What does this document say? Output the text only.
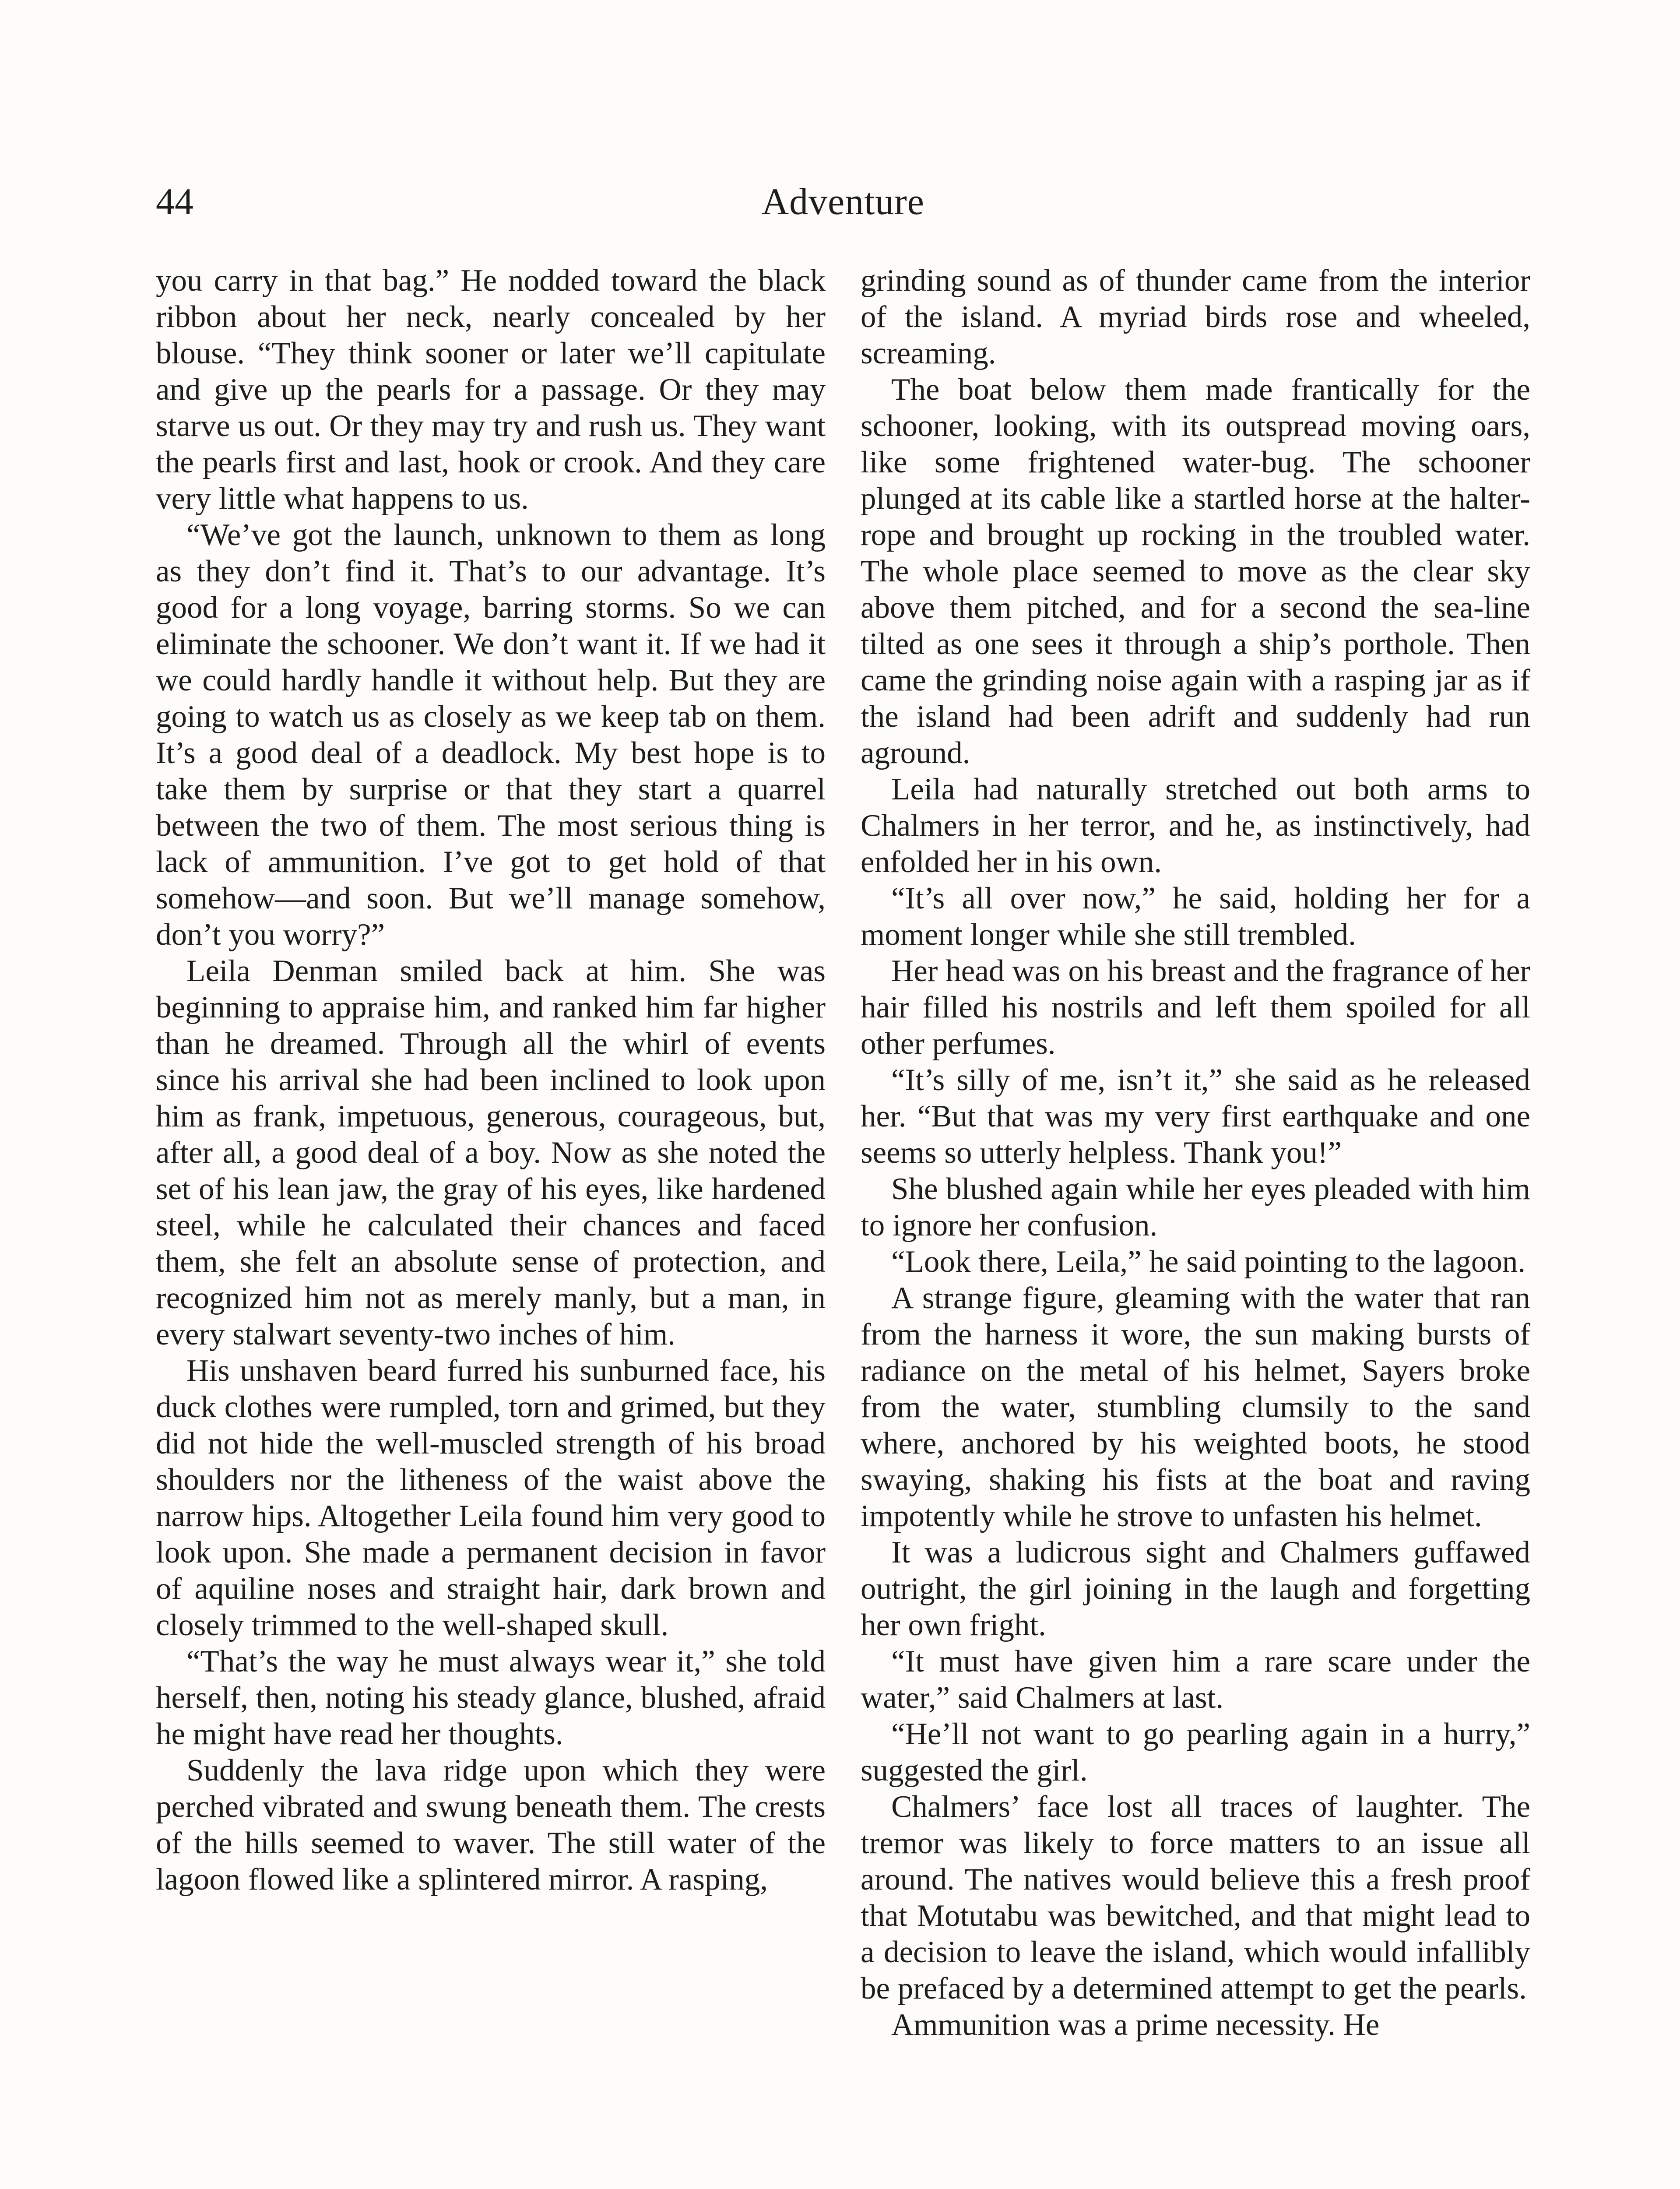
44	Adventure

you carry in that bag.” He nodded toward the black ribbon about her neck, nearly concealed by her blouse. “They think sooner or later we’ll capitulate and give up the pearls for a passage. Or they may starve us out. Or they may try and rush us. They want the pearls first and last, hook or crook. And they care very little what happens to us.

“We’ve got the launch, unknown to them as long as they don’t find it. That’s to our advantage. It’s good for a long voyage, barring storms. So we can eliminate the schooner. We don’t want it. If we had it we could hardly handle it without help. But they are going to watch us as closely as we keep tab on them. It’s a good deal of a deadlock. My best hope is to take them by surprise or that they start a quarrel between the two of them. The most serious thing is lack of ammunition. I’ve got to get hold of that somehow—and soon. But we’ll manage somehow, don’t you worry?”

Leila Denman smiled back at him. She was beginning to appraise him, and ranked him far higher than he dreamed. Through all the whirl of events since his arrival she had been inclined to look upon him as frank, impetuous, generous, courageous, but, after all, a good deal of a boy. Now as she noted the set of his lean jaw, the gray of his eyes, like hardened steel, while he calculated their chances and faced them, she felt an absolute sense of protection, and recognized him not as merely manly, but a man, in every stalwart seventy-two inches of him.

His unshaven beard furred his sunburned face, his duck clothes were rumpled, torn and grimed, but they did not hide the well-muscled strength of his broad shoulders nor the litheness of the waist above the narrow hips. Altogether Leila found him very good to look upon. She made a permanent decision in favor of aquiline noses and straight hair, dark brown and closely trimmed to the well-shaped skull.

“That’s the way he must always wear it,” she told herself, then, noting his steady glance, blushed, afraid he might have read her thoughts.

Suddenly the lava ridge upon which they were perched vibrated and swung beneath them. The crests of the hills seemed to waver. The still water of the lagoon flowed like a splintered mirror. A rasping,

grinding sound as of thunder came from the interior of the island. A myriad birds rose and wheeled, screaming.

The boat below them made frantically for the schooner, looking, with its outspread moving oars, like some frightened water-bug. The schooner plunged at its cable like a startled horse at the halter-rope and brought up rocking in the troubled water. The whole place seemed to move as the clear sky above them pitched, and for a second the sea-line tilted as one sees it through a ship’s porthole. Then came the grinding noise again with a rasping jar as if the island had been adrift and suddenly had run aground.

Leila had naturally stretched out both arms to Chalmers in her terror, and he, as instinctively, had enfolded her in his own.

“It’s all over now,” he said, holding her for a moment longer while she still trembled.

Her head was on his breast and the fragrance of her hair filled his nostrils and left them spoiled for all other perfumes.

“It’s silly of me, isn’t it,” she said as he released her. “But that was my very first earthquake and one seems so utterly helpless. Thank you!”

She blushed again while her eyes pleaded with him to ignore her confusion.

“Look there, Leila,” he said pointing to the lagoon.

A strange figure, gleaming with the water that ran from the harness it wore, the sun making bursts of radiance on the metal of his helmet, Sayers broke from the water, stumbling clumsily to the sand where, anchored by his weighted boots, he stood swaying, shaking his fists at the boat and raving impotently while he strove to unfasten his helmet.

It was a ludicrous sight and Chalmers guffawed outright, the girl joining in the laugh and forgetting her own fright.

“It must have given him a rare scare under the water,” said Chalmers at last.

“He’ll not want to go pearling again in a hurry,” suggested the girl.

Chalmers’ face lost all traces of laughter. The tremor was likely to force matters to an issue all around. The natives would believe this a fresh proof that Motutabu was bewitched, and that might lead to a decision to leave the island, which would infallibly be prefaced by a determined attempt to get the pearls.

Ammunition was a prime necessity. He
